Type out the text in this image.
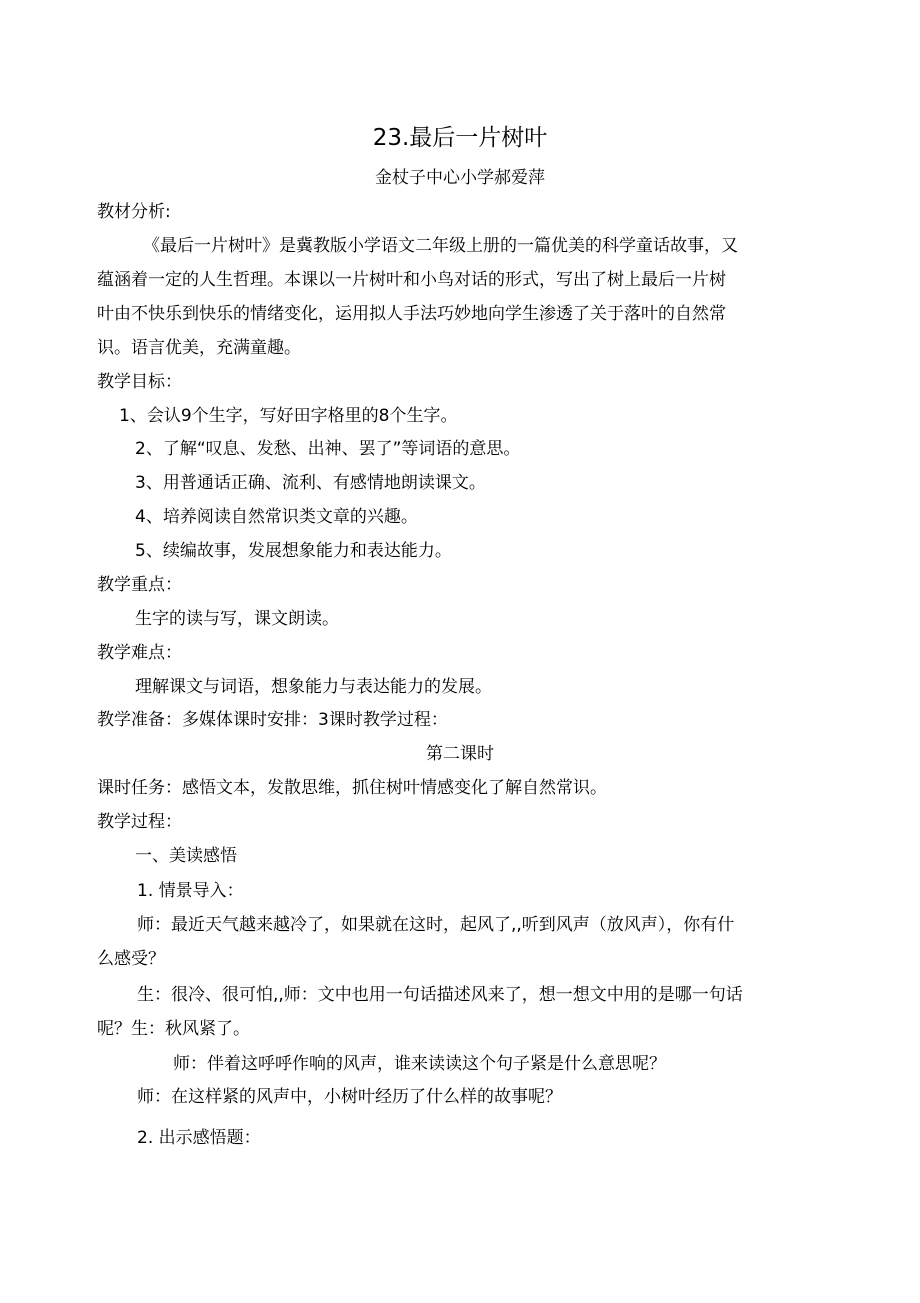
23.最后一片树叶
金杖子中心小学郝爱萍
教材分析:
《最后一片树叶》是冀教版小学语文二年级上册的一篇优美的科学童话故事，又
蕴涵着一定的人生哲理。本课以一片树叶和小鸟对话的形式，写出了树上最后一片树
叶由不快乐到快乐的情绪变化，运用拟人手法巧妙地向学生渗透了关于落叶的自然常
识。语言优美，充满童趣。
教学目标：
1、会认9个生字，写好田字格里的8个生字。
2、了解“叹息、发愁、出神、罢了”等词语的意思。
3、用普通话正确、流利、有感情地朗读课文。
4、培养阅读自然常识类文章的兴趣。
5、续编故事，发展想象能力和表达能力。
教学重点：
生字的读与写，课文朗读。
教学难点：
理解课文与词语，想象能力与表达能力的发展。
教学准备：多媒体课时安排：3课时教学过程：
第二课时
课时任务：感悟文本，发散思维，抓住树叶情感变化了解自然常识。
教学过程：
一、美读感悟
1. 情景导入：
师：最近天气越来越冷了，如果就在这时，起风了,,听到风声（放风声），你有什
么感受？
生：很冷、很可怕,,师：文中也用一句话描述风来了，想一想文中用的是哪一句话
呢？生：秋风紧了。
师：伴着这呼呼作响的风声，谁来读读这个句子紧是什么意思呢？
师：在这样紧的风声中，小树叶经历了什么样的故事呢？
2. 出示感悟题：
